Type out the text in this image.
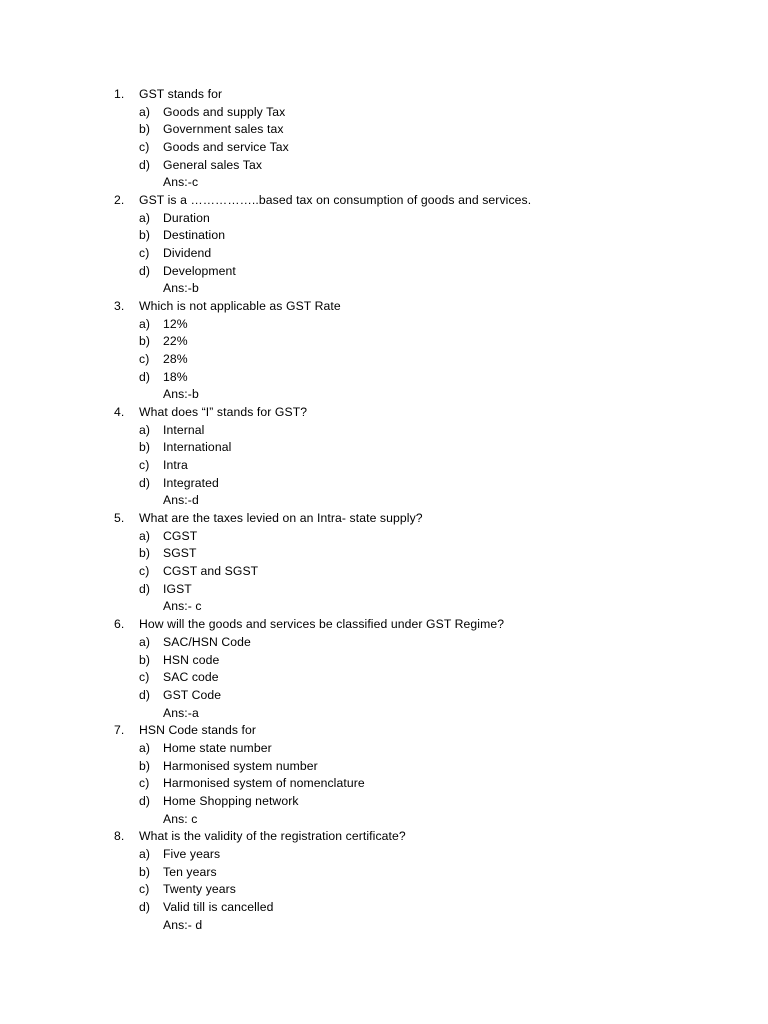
1.	GST stands for
a)	Goods and supply Tax
b)	Government sales tax
c)	Goods and service Tax
d)	General sales Tax
Ans:-c
2.	GST is a ……………..based tax on consumption of goods and services.
a)	Duration
b)	Destination
c)	Dividend
d)	Development
Ans:-b
3.	Which is not applicable as GST Rate
a)	12%
b)	22%
c)	28%
d)	18%
Ans:-b
4.	What does “I” stands for GST?
a)	Internal
b)	International
c)	Intra
d)	Integrated
Ans:-d
5.	What are the taxes levied on an Intra- state supply?
a)	CGST
b)	SGST
c)	CGST and SGST
d)	IGST
Ans:- c
6.	How will the goods and services be classified under GST Regime?
a)	SAC/HSN Code
b)	HSN code
c)	SAC code
d)	GST Code
Ans:-a
7.	HSN Code stands for
a)	Home state number
b)	Harmonised system number
c)	Harmonised system of nomenclature
d)	Home Shopping network
Ans: c
8.	What is the validity of the registration certificate?
a)	Five years
b)	Ten years
c)	Twenty years
d)	Valid till is cancelled
Ans:- d
